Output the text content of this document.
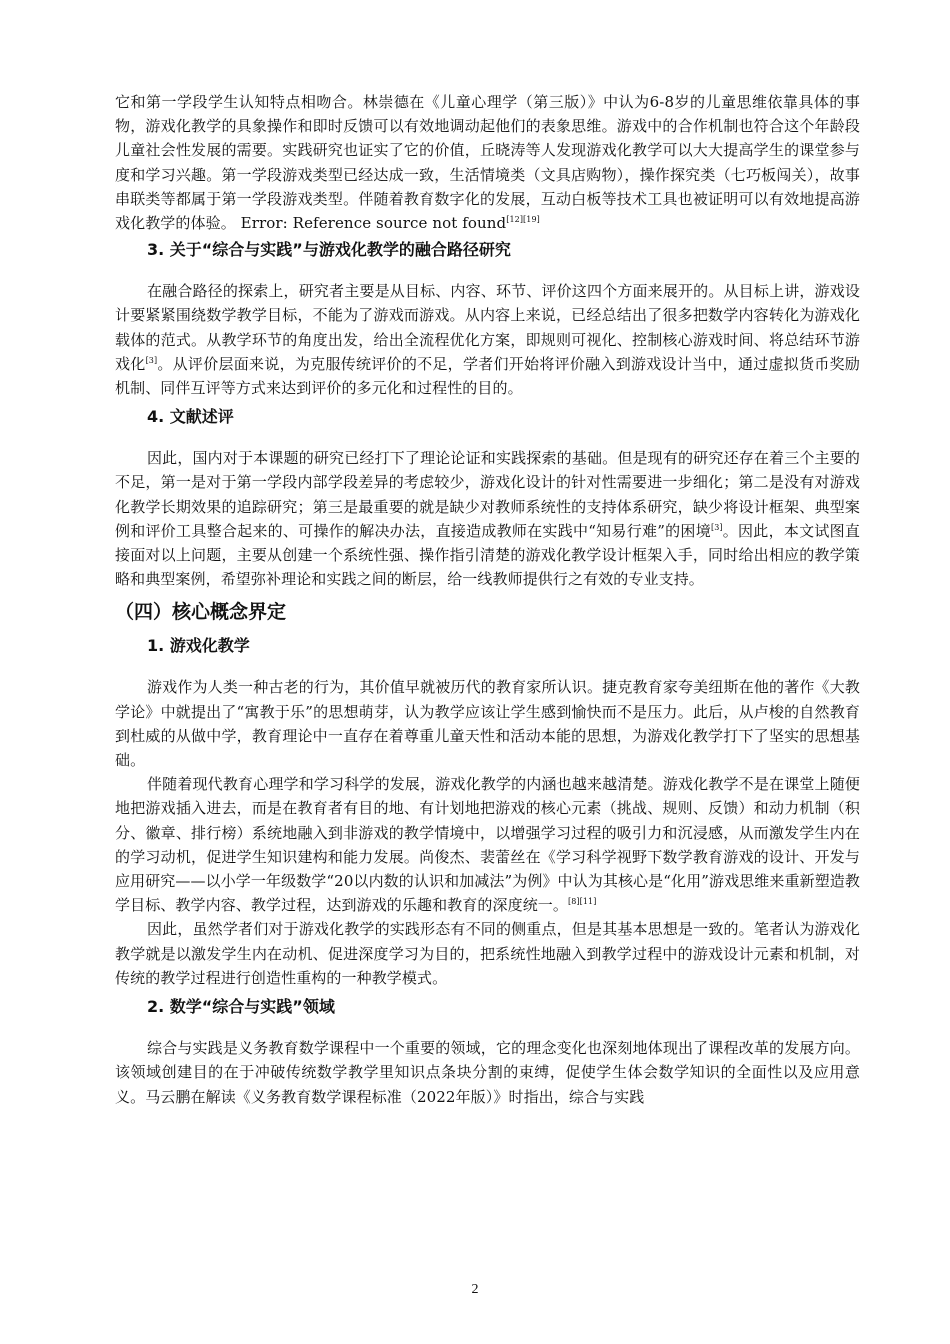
它和第一学段学生认知特点相吻合。林崇德在《儿童心理学（第三版）》中认为6-8岁的儿童思维依靠具体的事物，游戏化教学的具象操作和即时反馈可以有效地调动起他们的表象思维。游戏中的合作机制也符合这个年龄段儿童社会性发展的需要。实践研究也证实了它的价值，丘晓涛等人发现游戏化教学可以大大提高学生的课堂参与度和学习兴趣。第一学段游戏类型已经达成一致，生活情境类（文具店购物），操作探究类（七巧板闯关），故事串联类等都属于第一学段游戏类型。伴随着教育数字化的发展，互动白板等技术工具也被证明可以有效地提高游戏化教学的体验。 Error: Reference source not found[12][19]

3. 关于“综合与实践”与游戏化教学的融合路径研究

在融合路径的探索上，研究者主要是从目标、内容、环节、评价这四个方面来展开的。从目标上讲，游戏设计要紧紧围绕数学教学目标，不能为了游戏而游戏。从内容上来说，已经总结出了很多把数学内容转化为游戏化载体的范式。从教学环节的角度出发，给出全流程优化方案，即规则可视化、控制核心游戏时间、将总结环节游戏化[3]。从评价层面来说，为克服传统评价的不足，学者们开始将评价融入到游戏设计当中，通过虚拟货币奖励机制、同伴互评等方式来达到评价的多元化和过程性的目的。

4. 文献述评

因此，国内对于本课题的研究已经打下了理论论证和实践探索的基础。但是现有的研究还存在着三个主要的不足，第一是对于第一学段内部学段差异的考虑较少，游戏化设计的针对性需要进一步细化；第二是没有对游戏化教学长期效果的追踪研究；第三是最重要的就是缺少对教师系统性的支持体系研究，缺少将设计框架、典型案例和评价工具整合起来的、可操作的解决办法，直接造成教师在实践中“知易行难”的困境[3]。因此，本文试图直接面对以上问题，主要从创建一个系统性强、操作指引清楚的游戏化教学设计框架入手，同时给出相应的教学策略和典型案例，希望弥补理论和实践之间的断层，给一线教师提供行之有效的专业支持。

（四）核心概念界定
1. 游戏化教学

游戏作为人类一种古老的行为，其价值早就被历代的教育家所认识。捷克教育家夸美纽斯在他的著作《大教学论》中就提出了“寓教于乐”的思想萌芽，认为教学应该让学生感到愉快而不是压力。此后，从卢梭的自然教育到杜威的从做中学，教育理论中一直存在着尊重儿童天性和活动本能的思想，为游戏化教学打下了坚实的思想基础。

伴随着现代教育心理学和学习科学的发展，游戏化教学的内涵也越来越清楚。游戏化教学不是在课堂上随便地把游戏插入进去，而是在教育者有目的地、有计划地把游戏的核心元素（挑战、规则、反馈）和动力机制（积分、徽章、排行榜）系统地融入到非游戏的教学情境中，以增强学习过程的吸引力和沉浸感，从而激发学生内在的学习动机，促进学生知识建构和能力发展。尚俊杰、裴蕾丝在《学习科学视野下数学教育游戏的设计、开发与应用研究——以小学一年级数学“20以内数的认识和加减法”为例》中认为其核心是“化用”游戏思维来重新塑造教学目标、教学内容、教学过程，达到游戏的乐趣和教育的深度统一。[8][11]

因此，虽然学者们对于游戏化教学的实践形态有不同的侧重点，但是其基本思想是一致的。笔者认为游戏化教学就是以激发学生内在动机、促进深度学习为目的，把系统性地融入到教学过程中的游戏设计元素和机制，对传统的教学过程进行创造性重构的一种教学模式。

2. 数学“综合与实践”领域

综合与实践是义务教育数学课程中一个重要的领域，它的理念变化也深刻地体现出了课程改革的发展方向。该领域创建目的在于冲破传统数学教学里知识点条块分割的束缚，促使学生体会数学知识的全面性以及应用意义。马云鹏在解读《义务教育数学课程标准（2022年版）》时指出，综合与实践

2
